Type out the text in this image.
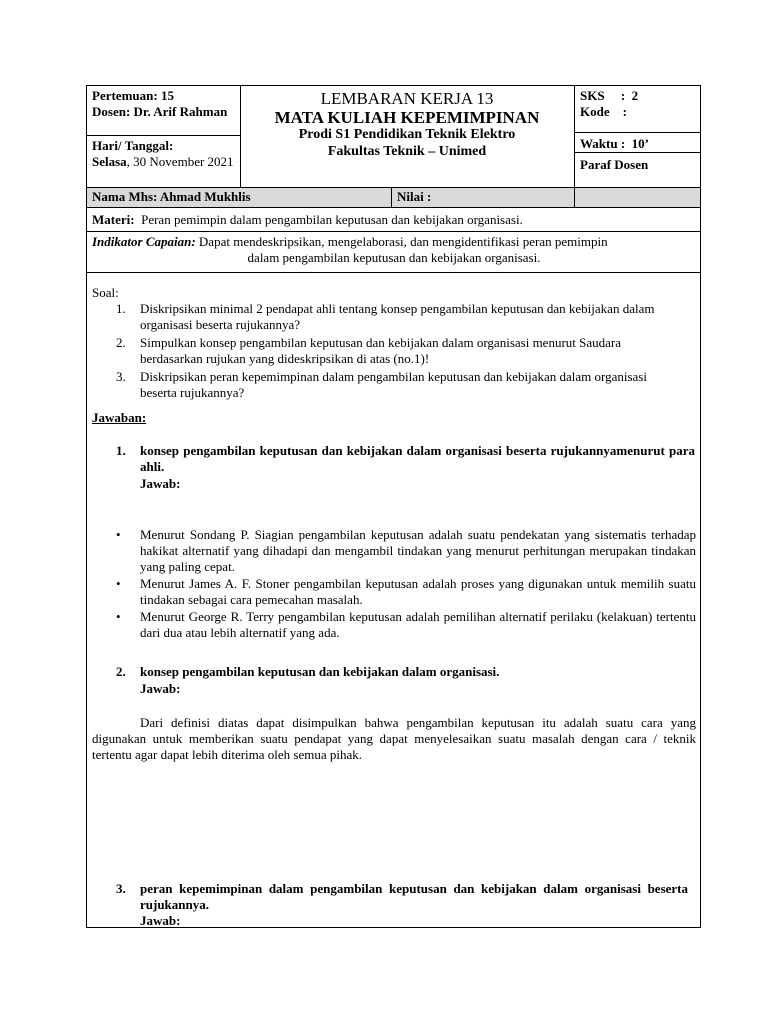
Pertemuan: 15
Dosen: Dr. Arif Rahman
Hari/ Tanggal:
Selasa, 30 November 2021
LEMBARAN KERJA 13
MATA KULIAH KEPEMIMPINAN
Prodi S1 Pendidikan Teknik Elektro
Fakultas Teknik – Unimed
SKS     :  2
Kode    :
Waktu :  10’
Paraf Dosen
Nama Mhs: Ahmad Mukhlis	Nilai :
Materi: Peran pemimpin dalam pengambilan keputusan dan kebijakan organisasi.
Indikator Capaian: Dapat mendeskripsikan, mengelaborasi, dan mengidentifikasi peran pemimpin
dalam pengambilan keputusan dan kebijakan organisasi.
Soal:
1. Diskripsikan minimal 2 pendapat ahli tentang konsep pengambilan keputusan dan kebijakan dalam organisasi beserta rujukannya?
2. Simpulkan konsep pengambilan keputusan dan kebijakan dalam organisasi menurut Saudara berdasarkan rujukan yang dideskripsikan di atas (no.1)!
3. Diskripsikan peran kepemimpinan dalam pengambilan keputusan dan kebijakan dalam organisasi beserta rujukannya?
Jawaban:
1. konsep pengambilan keputusan dan kebijakan dalam organisasi beserta rujukannyamenurut para ahli.
Jawab:
• Menurut Sondang P. Siagian pengambilan keputusan adalah suatu pendekatan yang sistematis terhadap hakikat alternatif yang dihadapi dan mengambil tindakan yang menurut perhitungan merupakan tindakan yang paling cepat.
• Menurut James A. F. Stoner pengambilan keputusan adalah proses yang digunakan untuk memilih suatu tindakan sebagai cara pemecahan masalah.
• Menurut George R. Terry pengambilan keputusan adalah pemilihan alternatif perilaku (kelakuan) tertentu dari dua atau lebih alternatif yang ada.
2. konsep pengambilan keputusan dan kebijakan dalam organisasi.
Jawab:
Dari definisi diatas dapat disimpulkan bahwa pengambilan keputusan itu adalah suatu cara yang digunakan untuk memberikan suatu pendapat yang dapat menyelesaikan suatu masalah dengan cara / teknik tertentu agar dapat lebih diterima oleh semua pihak.
3. peran kepemimpinan dalam pengambilan keputusan dan kebijakan dalam organisasi beserta rujukannya.
Jawab:
